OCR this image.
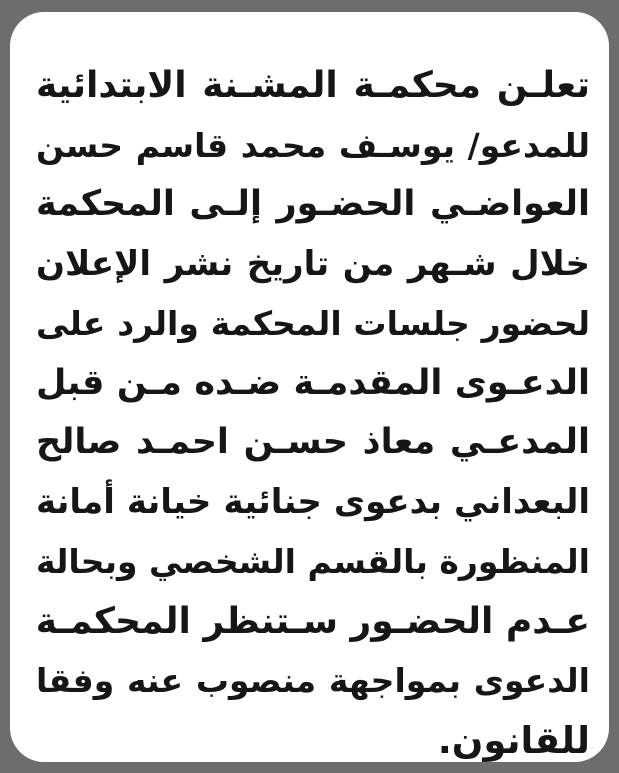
تعلـن محكمـة المشـنة الابتدائية
للمدعو/ يوسـف محمد قاسم حسن
العواضـي الحضـور إلـى المحكمة
خلال شـهر من تاريخ نشر الإعلان
لحضور جلسات المحكمة والرد على
الدعـوى المقدمـة ضـده مـن قبل
المدعـي معاذ حسـن احمـد صالح
البعداني بدعوى جنائية خيانة أمانة
المنظورة بالقسم الشخصي وبحالة
عـدم الحضـور سـتنظر المحكمـة
الدعوى بمواجهة منصوب عنه وفقا
للقانون.
